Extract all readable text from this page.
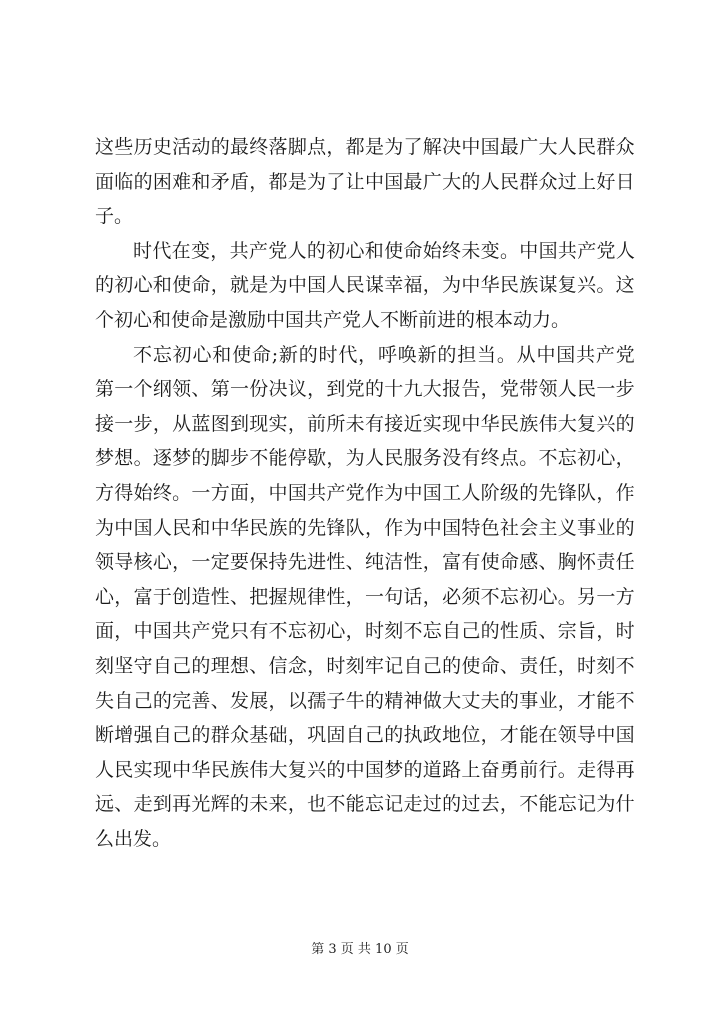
这 些 历 史 活 动 的 最 终 落 脚 点 ， 都 是 为 了 解 决 中 国 最 广 大 人 民 群 众
面 临 的 困 难 和 矛 盾 ， 都 是 为 了 让 中 国 最 广 大 的 人 民 群 众 过 上 好 日
子。
时 代 在 变 ， 共 产 党 人 的 初 心 和 使 命 始 终 未 变 。 中 国 共 产 党 人
的 初 心 和 使 命 ， 就 是 为 中 国 人 民 谋 幸 福 ， 为 中 华 民 族 谋 复 兴 。 这
个初心和使命是激励中国共产党人不断前进的根本动力。
不 忘 初 心 和 使 命 ; 新 的 时 代 ， 呼 唤 新 的 担 当 。 从 中 国 共 产 党
第 一 个 纲 领 、 第 一 份 决 议 ， 到 党 的 十 九 大 报 告 ， 党 带 领 人 民 一 步
接 一 步 ， 从 蓝 图 到 现 实 ， 前 所 未 有 接 近 实 现 中 华 民 族 伟 大 复 兴 的
梦 想 。 逐 梦 的 脚 步 不 能 停 歇 ， 为 人 民 服 务 没 有 终 点 。 不 忘 初 心 ，
方 得 始 终 。 一 方 面 ， 中 国 共 产 党 作 为 中 国 工 人 阶 级 的 先 锋 队 ， 作
为 中 国 人 民 和 中 华 民 族 的 先 锋 队 ， 作 为 中 国 特 色 社 会 主 义 事 业 的
领 导 核 心 ， 一 定 要 保 持 先 进 性 、 纯 洁 性 ， 富 有 使 命 感 、 胸 怀 责 任
心 ， 富 于 创 造 性 、 把 握 规 律 性 ， 一 句 话 ， 必 须 不 忘 初 心 。 另 一 方
面 ， 中 国 共 产 党 只 有 不 忘 初 心 ， 时 刻 不 忘 自 己 的 性 质 、 宗 旨 ， 时
刻 坚 守 自 己 的 理 想 、 信 念 ， 时 刻 牢 记 自 己 的 使 命 、 责 任 ， 时 刻 不
失 自 己 的 完 善 、 发 展 ， 以 孺 子 牛 的 精 神 做 大 丈 夫 的 事 业 ， 才 能 不
断 增 强 自 己 的 群 众 基 础 ， 巩 固 自 己 的 执 政 地 位 ， 才 能 在 领 导 中 国
人 民 实 现 中 华 民 族 伟 大 复 兴 的 中 国 梦 的 道 路 上 奋 勇 前 行 。 走 得 再
远 、 走 到 再 光 辉 的 未 来 ， 也 不 能 忘 记 走 过 的 过 去 ， 不 能 忘 记 为 什
么出发。
第 3 页 共 10 页
